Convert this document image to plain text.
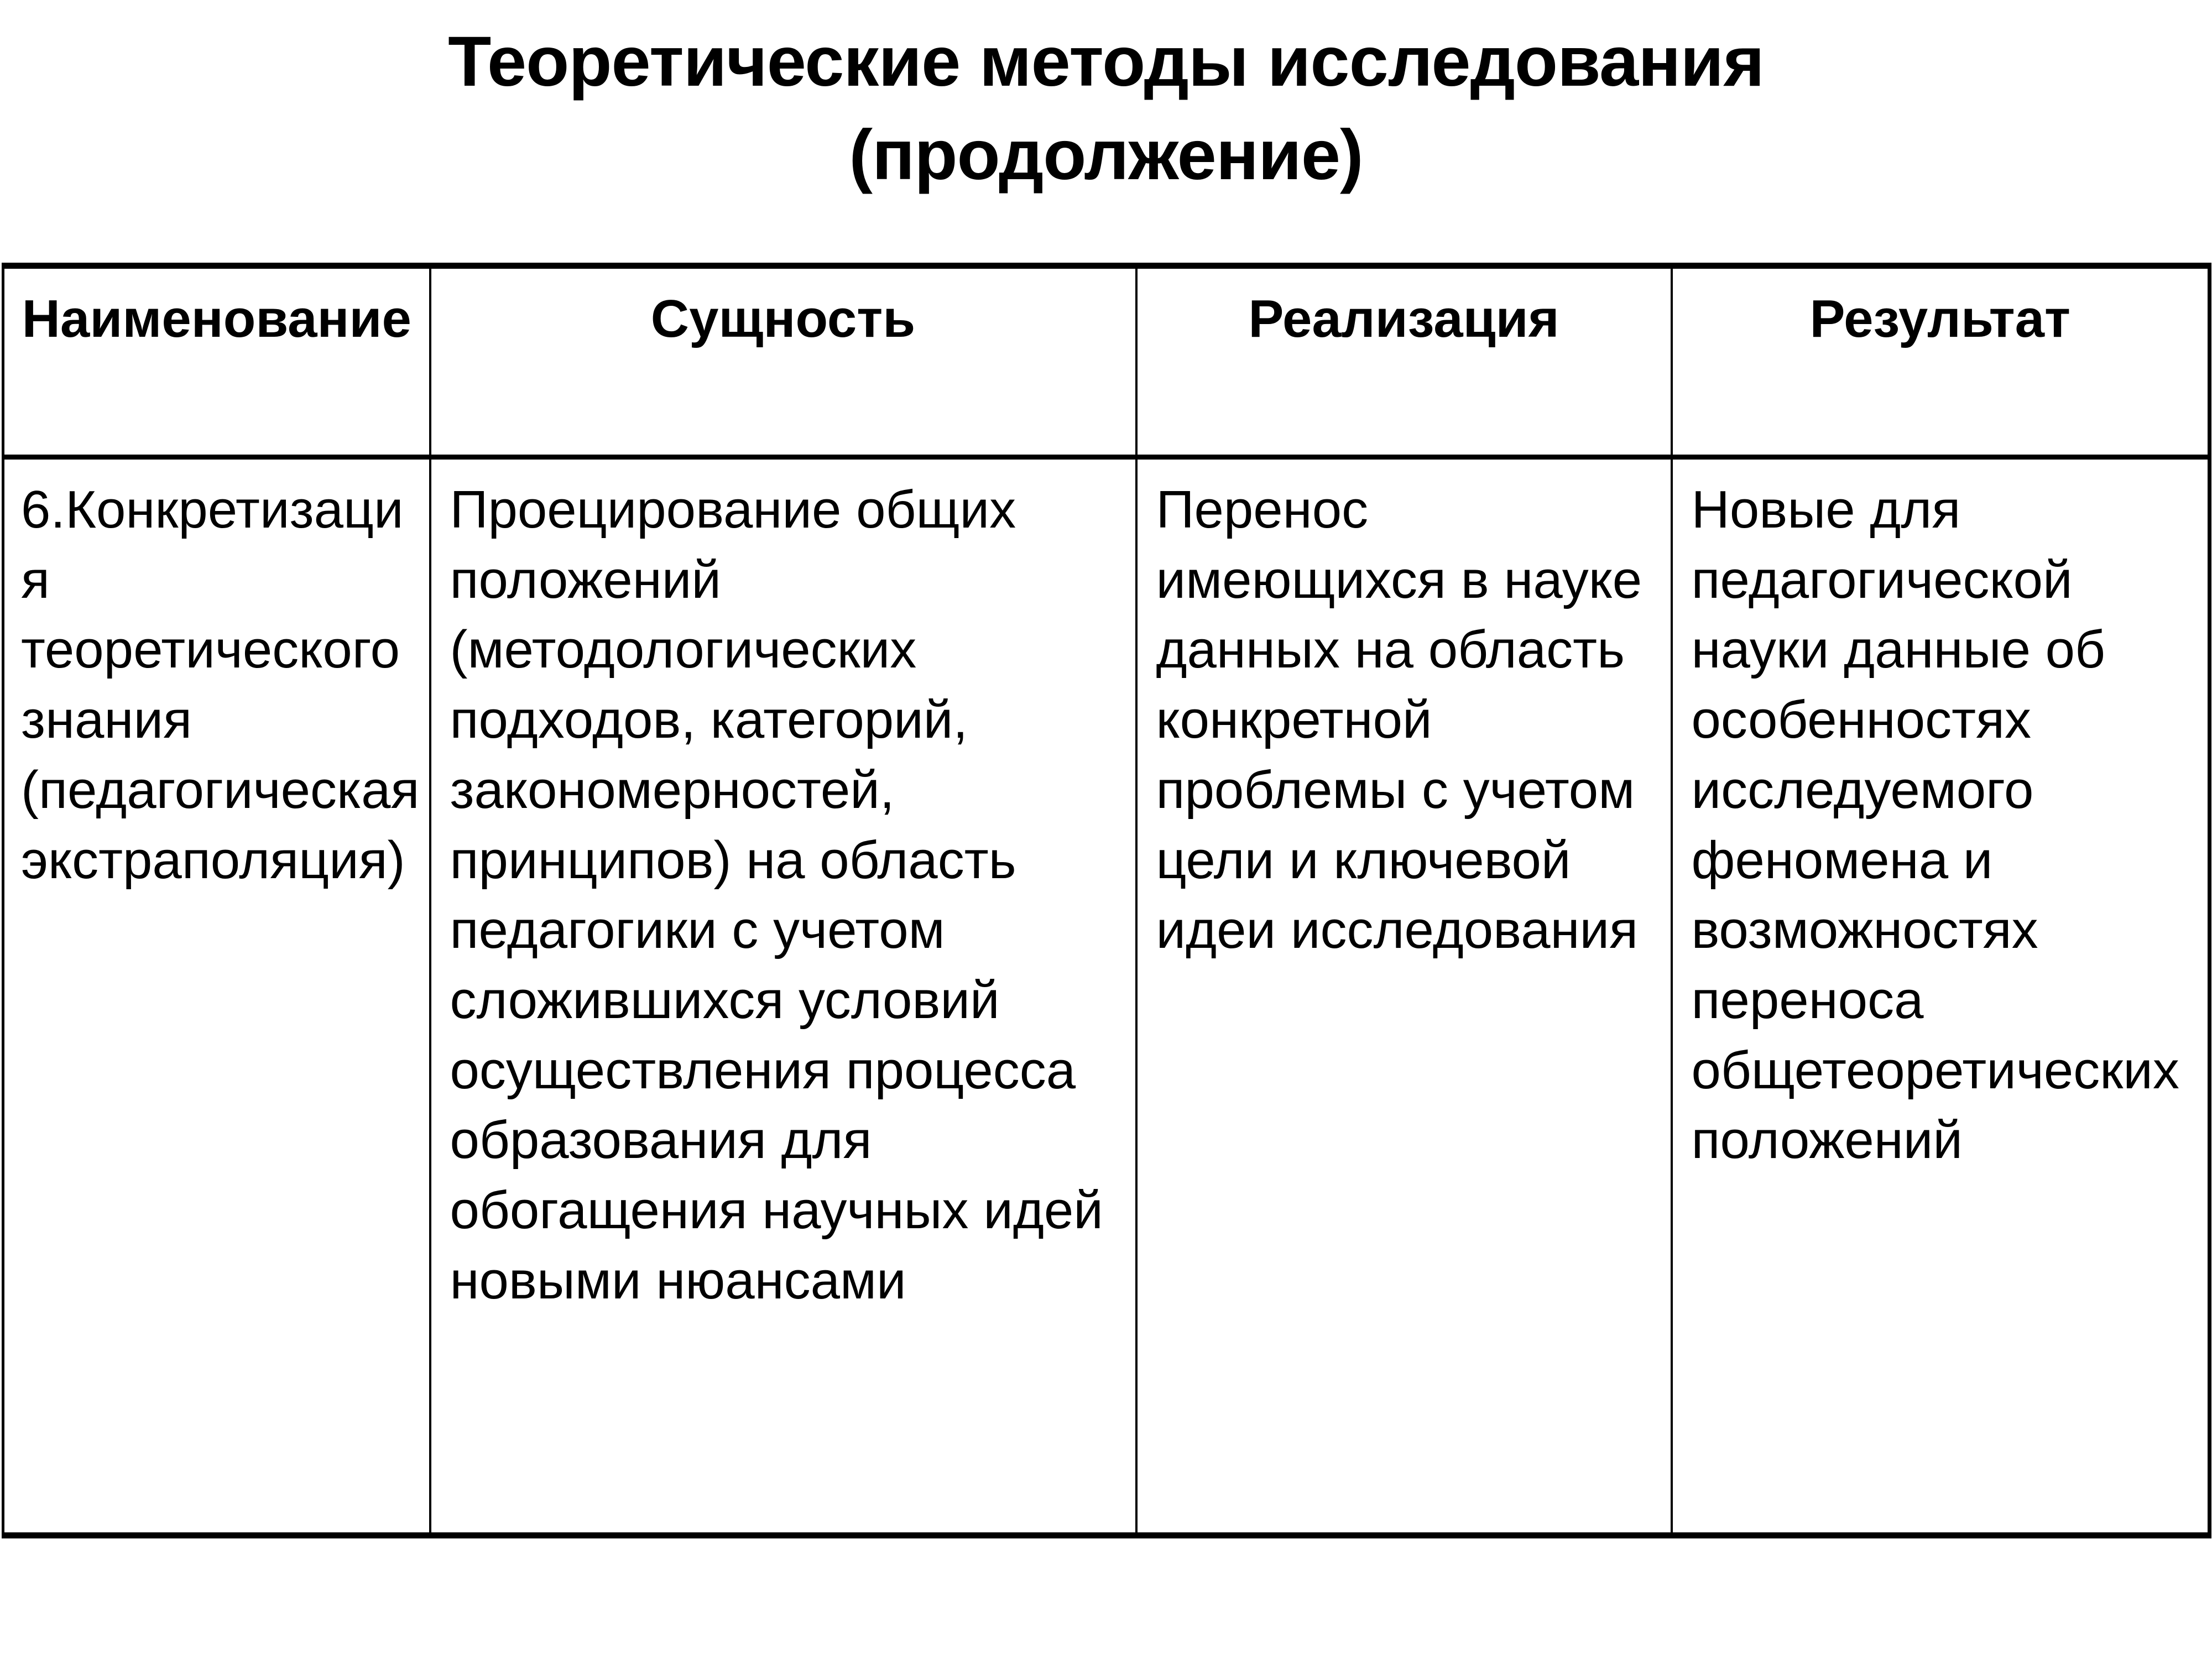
Теоретические методы исследования
(продолжение)
Наименование	Сущность	Реализация	Результат

6.Конкретизация теоретического знания (педагогическая экстраполяция)	Проецирование общих положений (методологических подходов, категорий, закономерностей, принципов) на область педагогики с учетом сложившихся условий осуществления процесса образования для обогащения научных идей новыми нюансами	Перенос имеющихся в науке данных на область конкретной проблемы с учетом цели и ключевой идеи исследования	Новые для педагогической науки данные об особенностях исследуемого феномена и возможностях переноса общетеоретических положений
